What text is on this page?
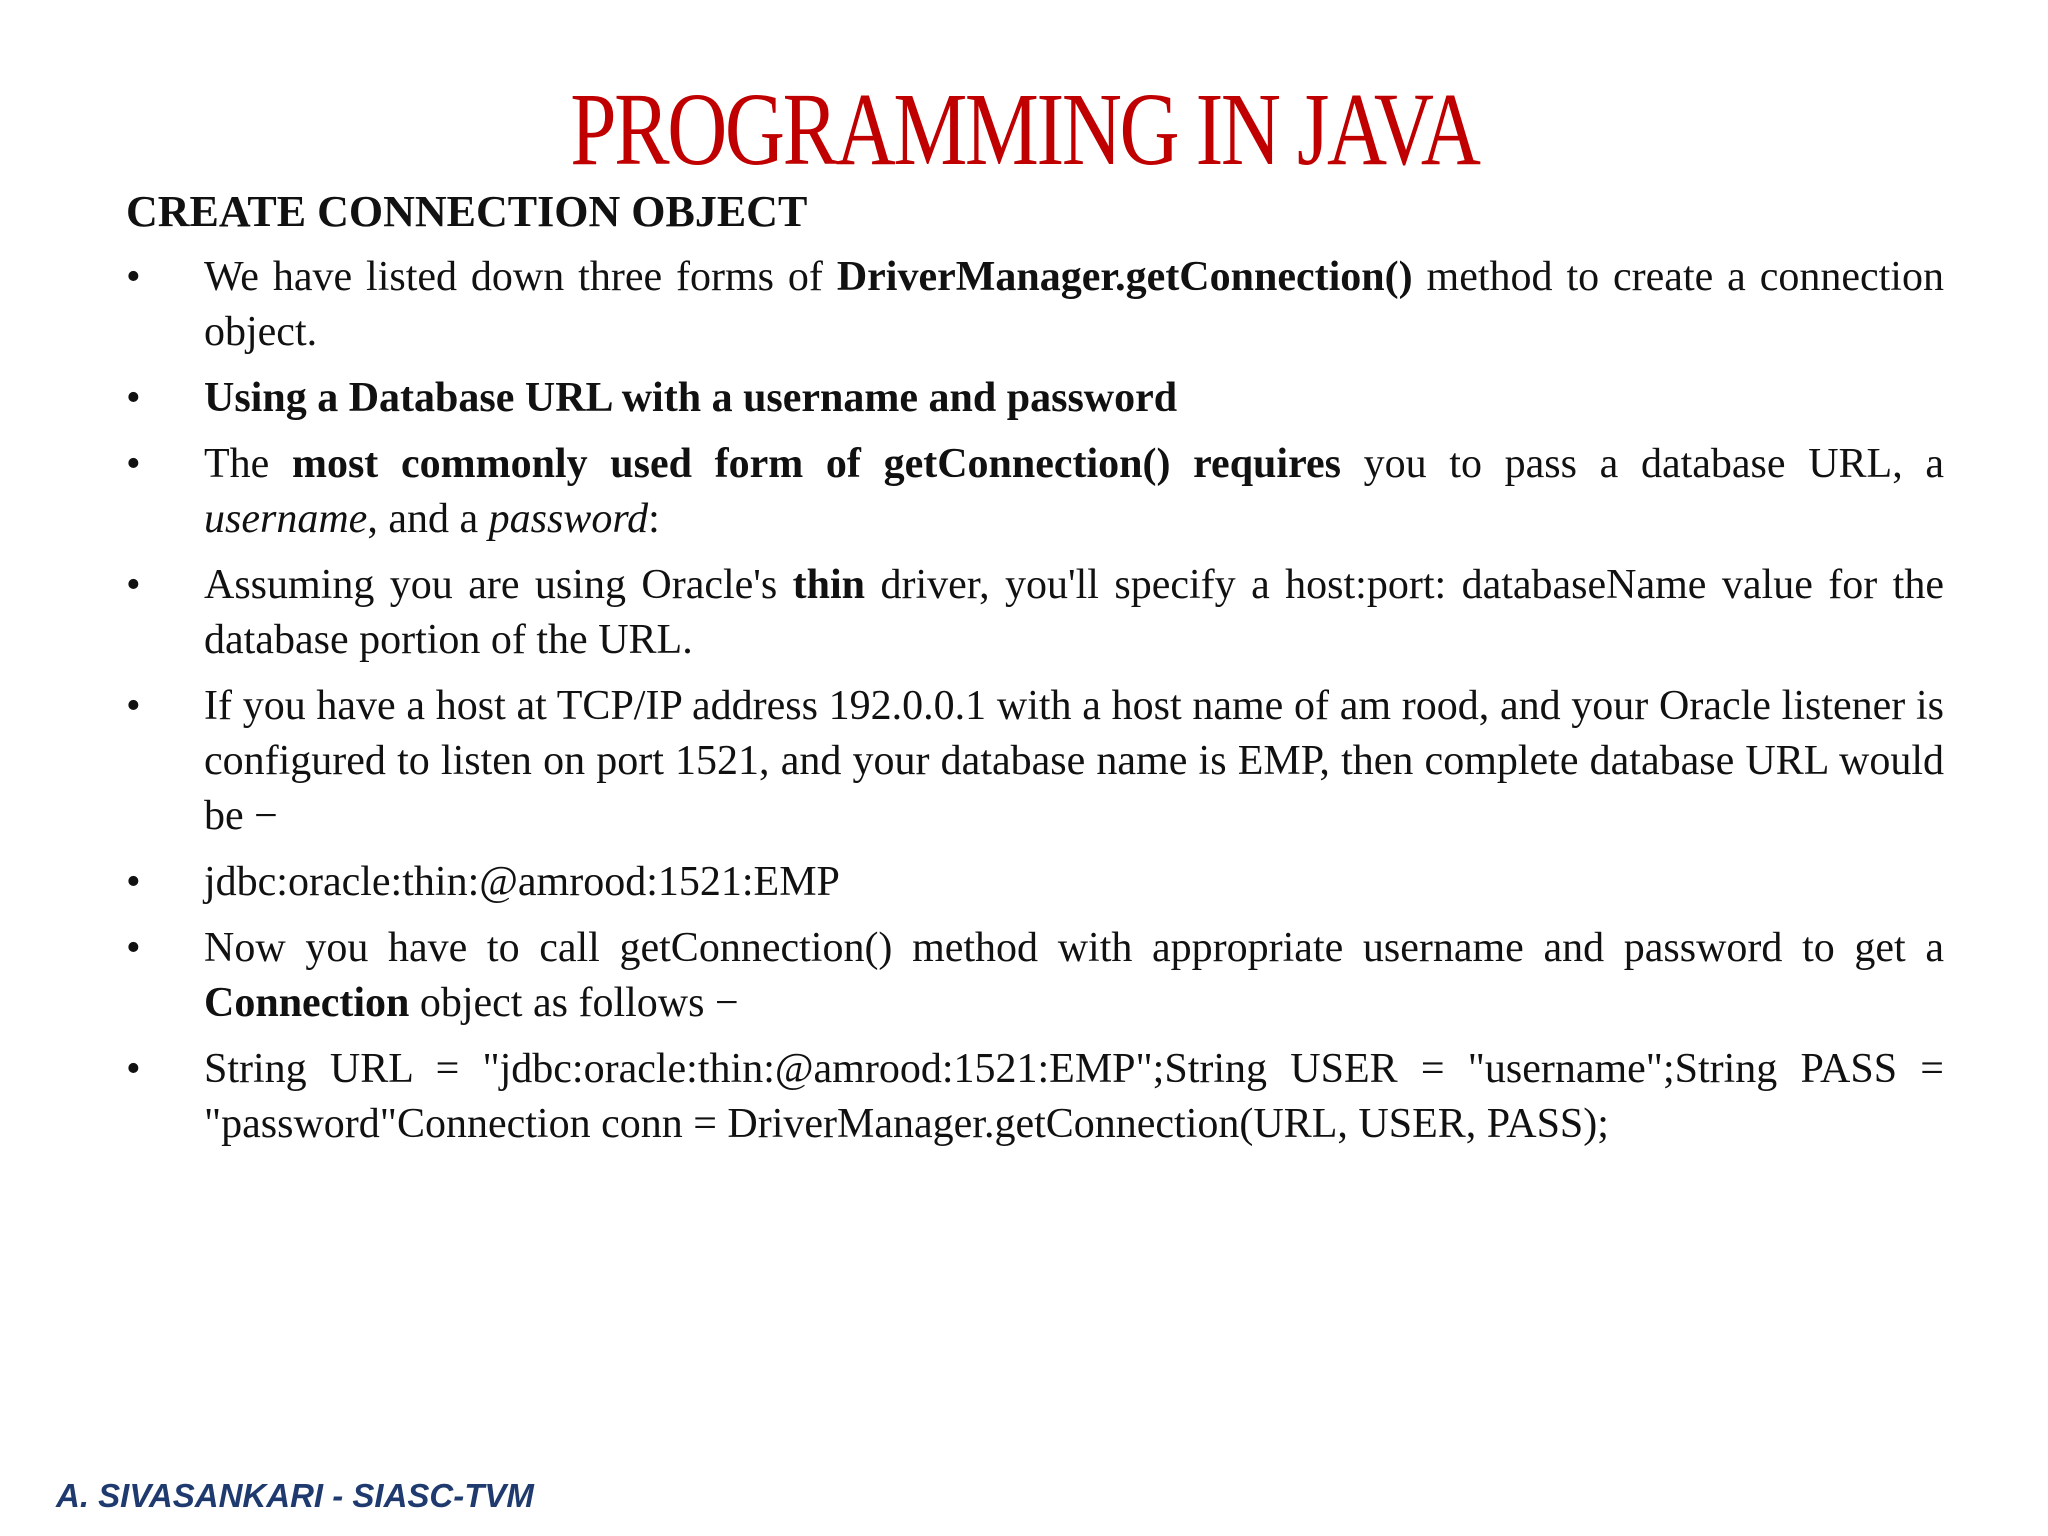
PROGRAMMING IN JAVA
CREATE CONNECTION OBJECT
•	We have listed down three forms of DriverManager.getConnection() method to create a connection object.
•	Using a Database URL with a username and password
•	The most commonly used form of getConnection() requires you to pass a database URL, a username, and a password:
•	Assuming you are using Oracle's thin driver, you'll specify a host:port: databaseName value for the database portion of the URL.
•	If you have a host at TCP/IP address 192.0.0.1 with a host name of am rood, and your Oracle listener is configured to listen on port 1521, and your database name is EMP, then complete database URL would be −
•	jdbc:oracle:thin:@amrood:1521:EMP
•	Now you have to call getConnection() method with appropriate username and password to get a Connection object as follows −
•	String URL = "jdbc:oracle:thin:@amrood:1521:EMP";String USER = "username";String PASS = "password"Connection conn = DriverManager.getConnection(URL, USER, PASS);
A. SIVASANKARI - SIASC-TVM
